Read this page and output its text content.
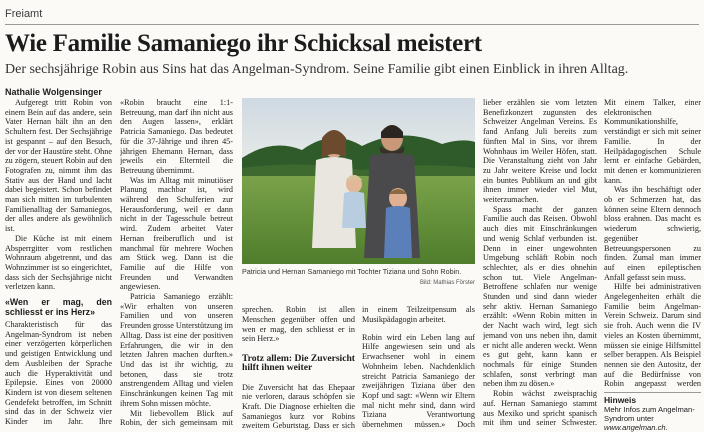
Freiamt
Wie Familie Samaniego ihr Schicksal meistert
Der sechsjährige Robin aus Sins hat das Angelman-Syndrom. Seine Familie gibt einen Einblick in ihren Alltag.
Nathalie Wolgensinger

Aufgeregt tritt Robin von einem Bein auf das andere, sein Vater Hernan hält ihn an den Schultern fest. Der Sechsjährige ist gespannt – auf den Besuch, der vor der Haustüre steht. Ohne zu zögern, steuert Robin auf den Fotografen zu, nimmt ihm das Stativ aus der Hand und lacht dabei begeistert. Schon befindet man sich mitten im turbulenten Familienalltag der Samaniegos, der alles andere als gewöhnlich ist.

Die Küche ist mit einem Absperrgitter vom restlichen Wohnraum abgetrennt, und das Wohnzimmer ist so eingerichtet, dass sich der Sechsjährige nicht verletzen kann.

«Wen er mag, den schliesst er ins Herz»

Charakteristisch für das Angelman-Syndrom ist neben einer verzögerten körperlichen und geistigen Entwicklung und dem Ausbleiben der Sprache auch die Hyperaktivität und Epilepsie. Eines von 20000 Kindern ist von diesem seltenen Gendefekt betroffen, im Schnitt sind das in der Schweiz vier Kinder im Jahr. Ihre

«Robin braucht eine 1:1-Betreuung, man darf ihn nicht aus den Augen lassen», erklärt Patricia Samaniego. Das bedeutet für die 37-Jährige und ihren 45-jährigen Ehemann Hernan, dass jeweils ein Elternteil die Betreuung übernimmt.

Was im Alltag mit minutiöser Planung machbar ist, wird während den Schulferien zur Herausforderung, weil er dann nicht in der Tagesschule betreut wird. Zudem arbeitet Vater Hernan freiberuflich und ist manchmal für mehrere Wochen am Stück weg. Dann ist die Familie auf die Hilfe von Freunden und Verwandten angewiesen.

Patricia Samaniego erzählt: «Wir erhalten von unseren Familien und von unseren Freunden grosse Unterstützung im Alltag. Dass ist eine der positiven Erfahrungen, die wir in den letzten Jahren machen durften.» Und das ist ihr wichtig, zu betonen, dass sie trotz anstrengendem Alltag und vielen Einschränkungen keinen Tag mit ihrem Sohn missen möchte.

Mit liebevollem Blick auf Robin, der sich gemeinsam mit

Patricia und Hernan Samaniego mit Tochter Tiziana und Sohn Robin.
Bild: Mathias Förster

sprechen. Robin ist allen Menschen gegenüber offen und wen er mag, den schliesst er in sein Herz.»

Trotz allem: Die Zuversicht hilft ihnen weiter

Die Zuversicht hat das Ehepaar nie verloren, daraus schöpfen sie Kraft. Die Diagnose erhielten die Samaniegos kurz vor Robins zweitem Geburtstag. Dass er sich

in einem Teilzeitpensum als Musikpädagogin arbeitet.

Robin wird ein Leben lang auf Hilfe angewiesen sein und als Erwachsener wohl in einem Wohnheim leben. Nachdenklich streicht Patricia Samaniego der zweijährigen Tiziana über den Kopf und sagt: «Wenn wir Eltern mal nicht mehr sind, dann wird Tiziana Verantwortung übernehmen müssen.» Doch

lieber erzählen sie vom letzten Benefizkonzert zugunsten des Schweizer Angelman Vereins. Es fand Anfang Juli bereits zum fünften Mal in Sins, vor ihrem Wohnhaus im Weiler Höfen, statt. Die Veranstaltung zieht von Jahr zu Jahr weitere Kreise und lockt ein buntes Publikum an und gibt ihnen immer wieder viel Mut, weiterzumachen.

Spass macht der ganzen Familie auch das Reisen. Obwohl auch dies mit Einschränkungen und wenig Schlaf verbunden ist. Denn in einer ungewohnten Umgebung schläft Robin noch schlechter, als er dies ohnehin schon tut. Viele Angelman-Betroffene schlafen nur wenige Stunden und sind dann wieder sehr aktiv. Hernan Samaniego erzählt: «Wenn Robin mitten in der Nacht wach wird, legt sich jemand von uns neben ihn, damit er nicht alle anderen weckt. Wenn es gut geht, kann kann er nochmals für einige Stunden schlafen, sonst verbringt man neben ihm zu dösen.»

Robin wächst zweisprachig auf. Hernan Samaniego stammt aus Mexiko und spricht spanisch mit ihm und seiner Schwester.

Mit einem Talker, einer elektronischen Kommunikationshilfe, verständigt er sich mit seiner Familie. In der Heilpädagogischen Schule lernt er einfache Gebärden, mit denen er kommunizieren kann.

Was ihn beschäftigt oder ob er Schmerzen hat, das können seine Eltern dennoch bloss erahnen. Das macht es wiederum schwierig, gegenüber Betreuungspersonen zu finden. Zumal man immer auf einen epileptischen Anfall gefasst sein muss.

Hilfe bei administrativen Angelegenheiten erhält die Familie beim Angelman-Verein Schweiz. Darum sind sie froh. Auch wenn die IV vieles an Kosten übernimmt, müssen sie einige Hilfsmittel selber berappen. Als Beispiel nennen sie den Autositz, der auf die Bedürfnisse von Robin angepasst werden

Hinweis
Mehr Infos zum Angelman-Syndrom unter www.angelman.ch.
